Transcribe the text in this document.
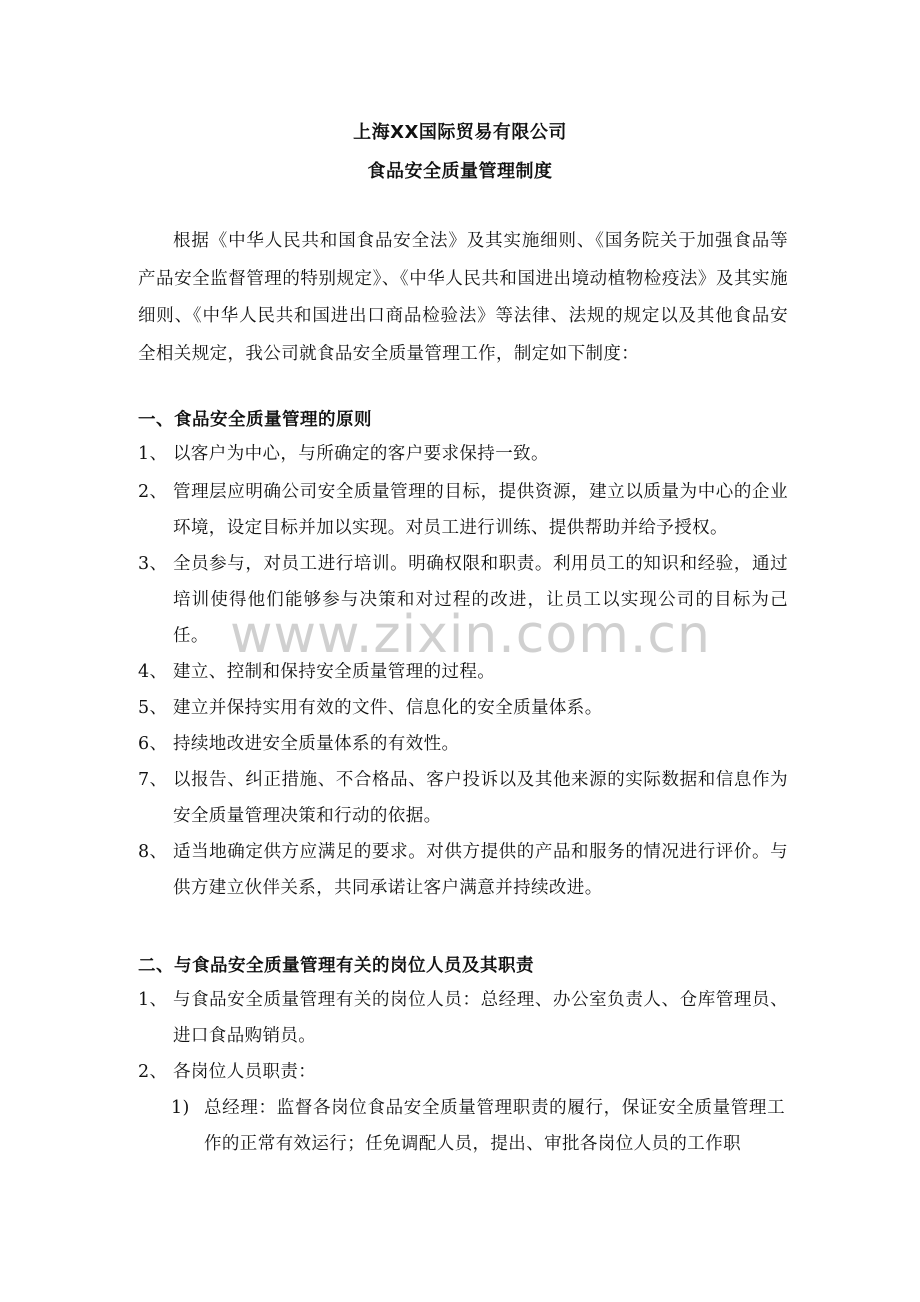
上海XX国际贸易有限公司
食品安全质量管理制度
根据《中华人民共和国食品安全法》及其实施细则、《国务院关于加强食品等产品安全监督管理的特别规定》、《中华人民共和国进出境动植物检疫法》及其实施细则、《中华人民共和国进出口商品检验法》等法律、法规的规定以及其他食品安全相关规定，我公司就食品安全质量管理工作，制定如下制度：
一、食品安全质量管理的原则
1、 以客户为中心，与所确定的客户要求保持一致。
2、 管理层应明确公司安全质量管理的目标，提供资源，建立以质量为中心的企业环境，设定目标并加以实现。对员工进行训练、提供帮助并给予授权。
3、 全员参与，对员工进行培训。明确权限和职责。利用员工的知识和经验，通过培训使得他们能够参与决策和对过程的改进，让员工以实现公司的目标为己任。
4、 建立、控制和保持安全质量管理的过程。
5、 建立并保持实用有效的文件、信息化的安全质量体系。
6、 持续地改进安全质量体系的有效性。
7、 以报告、纠正措施、不合格品、客户投诉以及其他来源的实际数据和信息作为安全质量管理决策和行动的依据。
8、 适当地确定供方应满足的要求。对供方提供的产品和服务的情况进行评价。与供方建立伙伴关系，共同承诺让客户满意并持续改进。
二、与食品安全质量管理有关的岗位人员及其职责
1、 与食品安全质量管理有关的岗位人员：总经理、办公室负责人、仓库管理员、进口食品购销员。
2、 各岗位人员职责：
1) 总经理：监督各岗位食品安全质量管理职责的履行，保证安全质量管理工作的正常有效运行；任免调配人员，提出、审批各岗位人员的工作职
www.zixin.com.cn
